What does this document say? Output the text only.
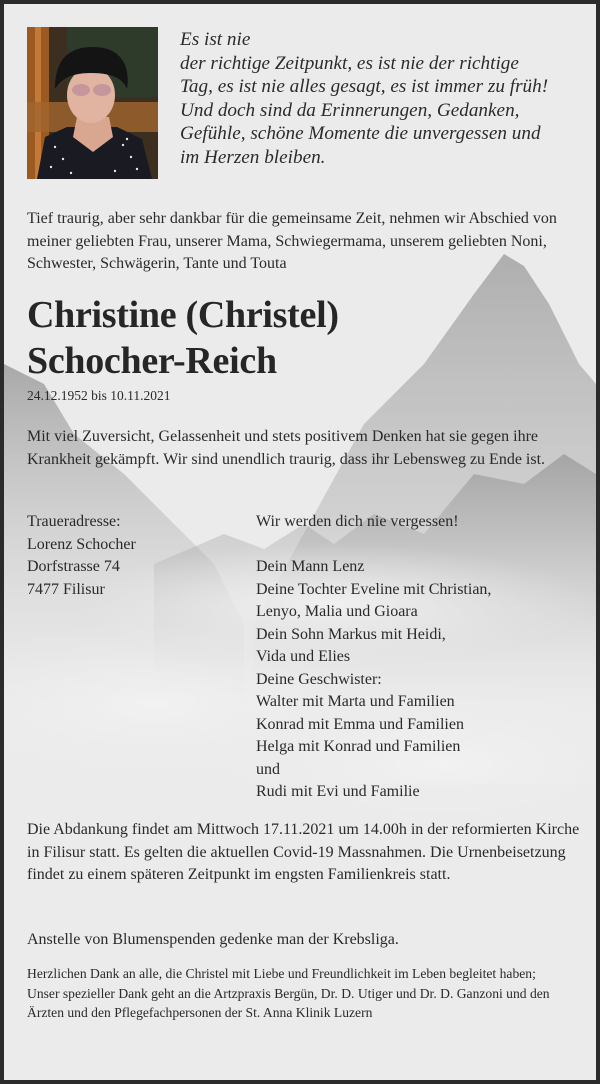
Es ist nie
der richtige Zeitpunkt, es ist nie der richtige
Tag, es ist nie alles gesagt, es ist immer zu früh!
Und doch sind da Erinnerungen, Gedanken,
Gefühle, schöne Momente die unvergessen und
im Herzen bleiben.

Tief traurig, aber sehr dankbar für die gemeinsame Zeit, nehmen wir Abschied von meiner geliebten Frau, unserer Mama, Schwiegermama, unserem geliebten Noni, Schwester, Schwägerin, Tante und Touta

Christine (Christel)
Schocher-Reich

24.12.1952 bis 10.11.2021

Mit viel Zuversicht, Gelassenheit und stets positivem Denken hat sie gegen ihre Krankheit gekämpft. Wir sind unendlich traurig, dass ihr Lebensweg zu Ende ist.

Traueradresse:
Lorenz Schocher
Dorfstrasse 74
7477 Filisur

Wir werden dich nie vergessen!
Dein Mann Lenz
Deine Tochter Eveline mit Christian,
Lenyo, Malia und Gioara
Dein Sohn Markus mit Heidi,
Vida und Elies
Deine Geschwister:
Walter mit Marta und Familien
Konrad mit Emma und Familien
Helga mit Konrad und Familien
und
Rudi mit Evi und Familie

Die Abdankung findet am Mittwoch 17.11.2021 um 14.00h in der reformierten Kirche in Filisur statt. Es gelten die aktuellen Covid-19 Massnahmen. Die Urnenbeisetzung findet zu einem späteren Zeitpunkt im engsten Familienkreis statt.

Anstelle von Blumenspenden gedenke man der Krebsliga.

Herzlichen Dank an alle, die Christel mit Liebe und Freundlichkeit im Leben begleitet haben;
Unser spezieller Dank geht an die Artzpraxis Bergün, Dr. D. Utiger und Dr. D. Ganzoni und den Ärzten und den Pflegefachpersonen der St. Anna Klinik Luzern
